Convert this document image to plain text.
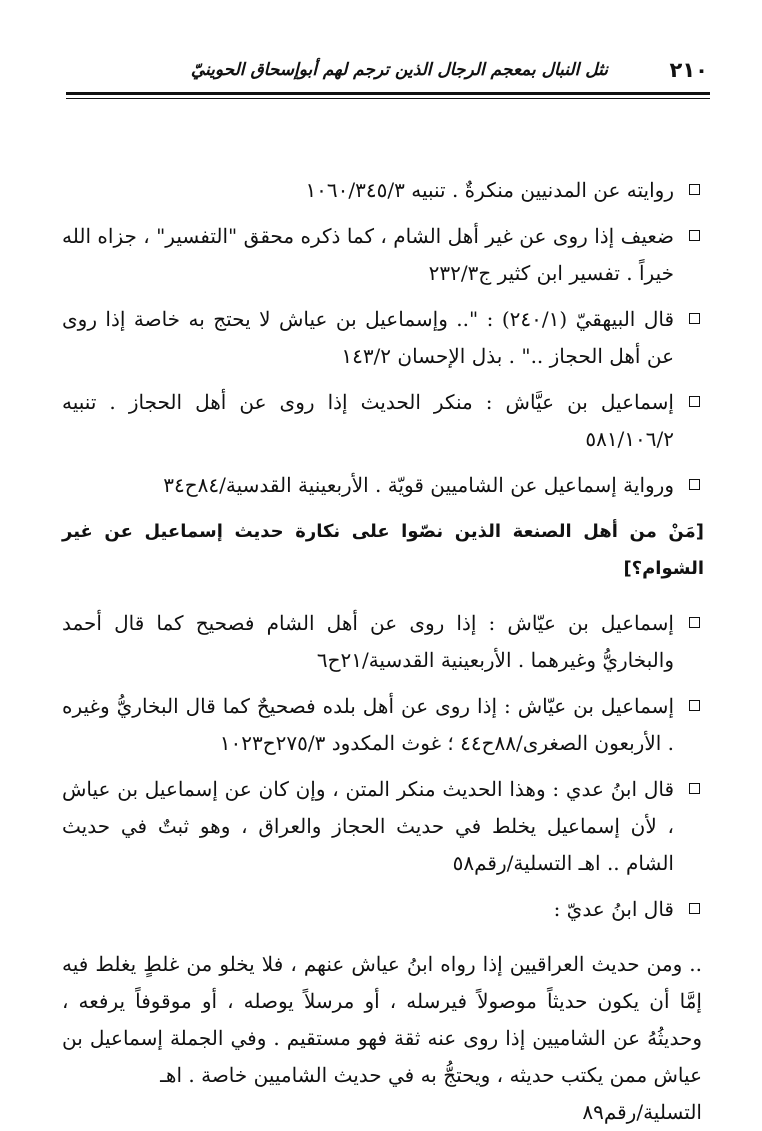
٢١٠
نثل النبال بمعجم الرجال الذين ترجم لهم أبوإسحاق الحوينيّ
روايته عن المدنيين منكرةٌ . تنبيه ١٠٦٠/٣٤٥/٣
ضعيف إذا روى عن غير أهل الشام ، كما ذكره محقق "التفسير" ، جزاه الله خيراً . تفسير ابن كثير ج٢٣٢/٣
قال البيهقيّ (٢٤٠/١) : ".. وإسماعيل بن عياش لا يحتج به خاصة إذا روى عن أهل الحجاز .." . بذل الإحسان ١٤٣/٢
إسماعيل بن عيَّاش : منكر الحديث إذا روى عن أهل الحجاز . تنبيه ٥٨١/١٠٦/٢
ورواية إسماعيل عن الشاميين قويّة . الأربعينية القدسية/٨٤ح٣٤
[مَنْ من أهل الصنعة الذين نصّوا على نكارة حديث إسماعيل عن غير الشوام؟]
إسماعيل بن عيّاش : إذا روى عن أهل الشام فصحيح كما قال أحمد والبخاريُّ وغيرهما . الأربعينية القدسية/٢١ح٦
إسماعيل بن عيّاش : إذا روى عن أهل بلده فصحيحٌ كما قال البخاريُّ وغيره . الأربعون الصغرى/٨٨ح٤٤ ؛ غوث المكدود ٢٧٥/٣ح١٠٢٣
قال ابنُ عدي : وهذا الحديث منكر المتن ، وإن كان عن إسماعيل بن عياش ، لأن إسماعيل يخلط في حديث الحجاز والعراق ، وهو ثبتٌ في حديث الشام .. اهـ التسلية/رقم٥٨
قال ابنُ عديّ :

.. ومن حديث العراقيين إذا رواه ابنُ عياش عنهم ، فلا يخلو من غلطٍ يغلط فيه إمَّا أن يكون حديثاً موصولاً فيرسله ، أو مرسلاً يوصله ، أو موقوفاً يرفعه ، وحديثُهُ عن الشاميين إذا روى عنه ثقة فهو مستقيم . وفي الجملة إسماعيل بن عياش ممن يكتب حديثه ، ويحتجُّ به في حديث الشاميين خاصة . اهـ

التسلية/رقم٨٩
